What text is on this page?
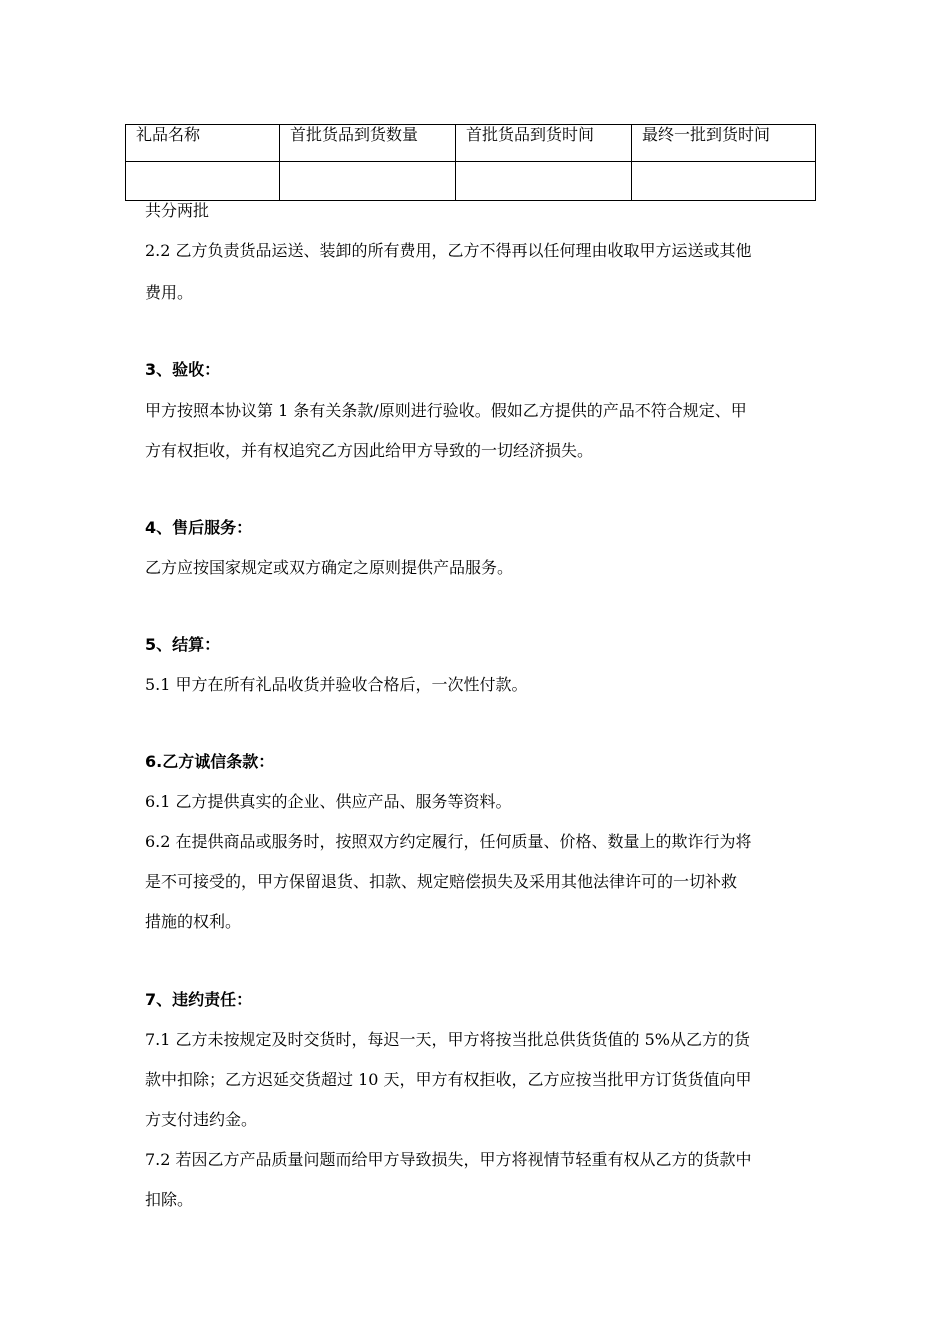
礼品名称	首批货品到货数量	首批货品到货时间	最终一批到货时间

共分两批
2.2 乙方负责货品运送、装卸的所有费用，乙方不得再以任何理由收取甲方运送或其他
费用。
3、验收：
甲方按照本协议第 1 条有关条款/原则进行验收。假如乙方提供的产品不符合规定、甲
方有权拒收，并有权追究乙方因此给甲方导致的一切经济损失。
4、售后服务：
乙方应按国家规定或双方确定之原则提供产品服务。
5、结算：
5.1 甲方在所有礼品收货并验收合格后，一次性付款。
6.乙方诚信条款：
6.1 乙方提供真实的企业、供应产品、服务等资料。
6.2 在提供商品或服务时，按照双方约定履行，任何质量、价格、数量上的欺诈行为将
是不可接受的，甲方保留退货、扣款、规定赔偿损失及采用其他法律许可的一切补救
措施的权利。
7、违约责任：
7.1 乙方未按规定及时交货时，每迟一天，甲方将按当批总供货货值的 5%从乙方的货
款中扣除；乙方迟延交货超过 10 天，甲方有权拒收，乙方应按当批甲方订货货值向甲
方支付违约金。
7.2 若因乙方产品质量问题而给甲方导致损失，甲方将视情节轻重有权从乙方的货款中
扣除。
